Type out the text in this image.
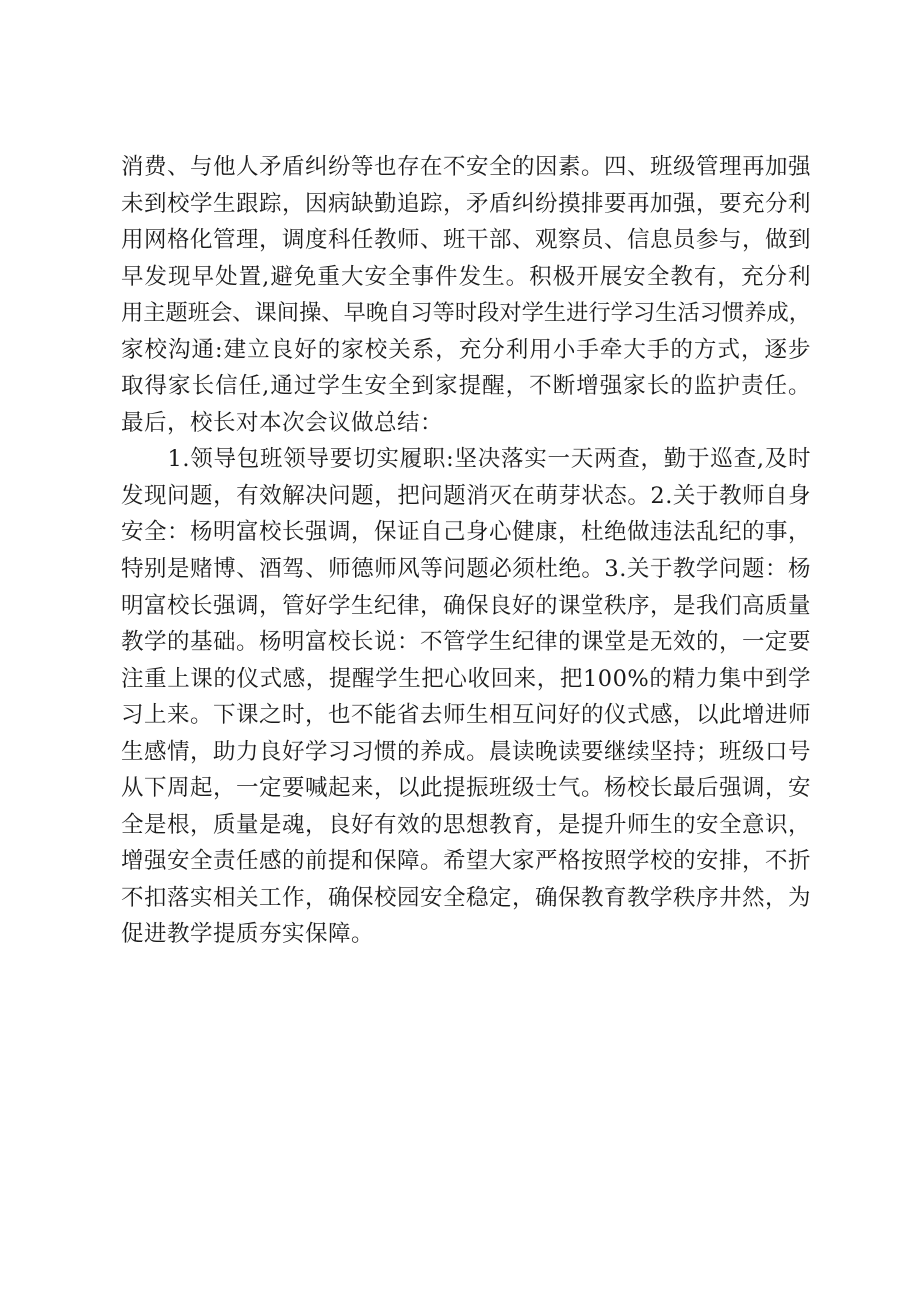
消费、与他人矛盾纠纷等也存在不安全的因素。四、班级管理再加强
未到校学生跟踪，因病缺勤追踪，矛盾纠纷摸排要再加强，要充分利
用网格化管理，调度科任教师、班干部、观察员、信息员参与，做到
早发现早处置,避免重大安全事件发生。积极开展安全教有，充分利
用主题班会、课间操、早晚自习等时段对学生进行学习生活习惯养成，
家校沟通:建立良好的家校关系，充分利用小手牵大手的方式，逐步
取得家长信任,通过学生安全到家提醒，不断增强家长的监护责任。
最后，校长对本次会议做总结：
　　1.领导包班领导要切实履职:坚决落实一天两查，勤于巡查,及时
发现问题，有效解决问题，把问题消灭在萌芽状态。2.关于教师自身
安全：杨明富校长强调，保证自己身心健康，杜绝做违法乱纪的事，
特别是赌博、酒驾、师德师风等问题必须杜绝。3.关于教学问题：杨
明富校长强调，管好学生纪律，确保良好的课堂秩序，是我们高质量
教学的基础。杨明富校长说：不管学生纪律的课堂是无效的，一定要
注重上课的仪式感，提醒学生把心收回来，把100%的精力集中到学
习上来。下课之时，也不能省去师生相互问好的仪式感，以此增进师
生感情，助力良好学习习惯的养成。晨读晚读要继续坚持；班级口号
从下周起，一定要喊起来，以此提振班级士气。杨校长最后强调，安
全是根，质量是魂，良好有效的思想教育，是提升师生的安全意识，
增强安全责任感的前提和保障。希望大家严格按照学校的安排，不折
不扣落实相关工作，确保校园安全稳定，确保教育教学秩序井然，为
促进教学提质夯实保障。
